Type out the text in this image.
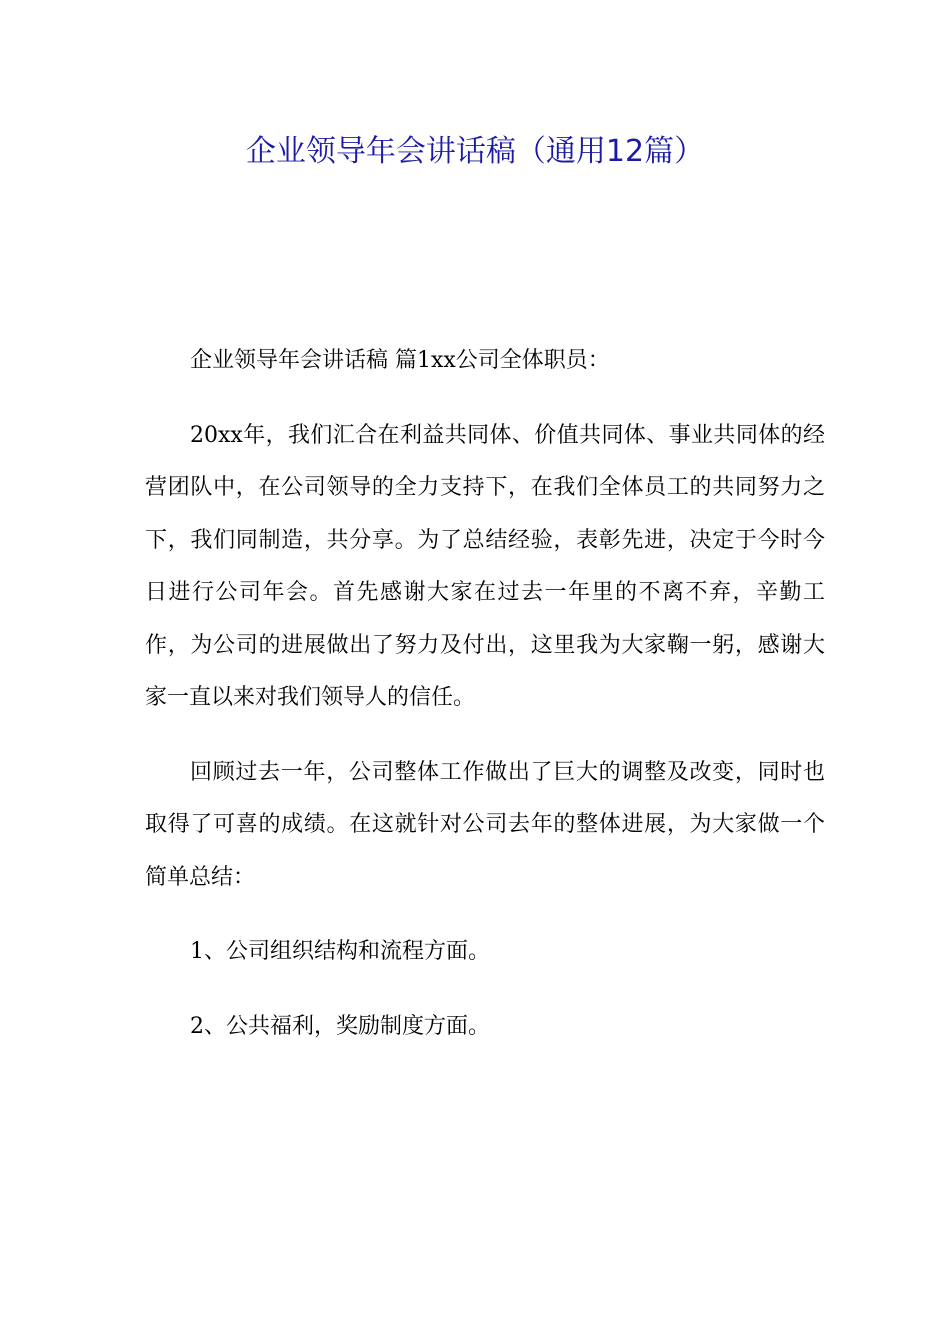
企业领导年会讲话稿（通用12篇）

企业领导年会讲话稿 篇1xx公司全体职员：

20xx年，我们汇合在利益共同体、价值共同体、事业共同体的经营团队中，在公司领导的全力支持下，在我们全体员工的共同努力之下，我们同制造，共分享。为了总结经验，表彰先进，决定于今时今日进行公司年会。首先感谢大家在过去一年里的不离不弃，辛勤工作，为公司的进展做出了努力及付出，这里我为大家鞠一躬，感谢大家一直以来对我们领导人的信任。

回顾过去一年，公司整体工作做出了巨大的调整及改变，同时也取得了可喜的成绩。在这就针对公司去年的整体进展，为大家做一个简单总结：

1、公司组织结构和流程方面。

2、公共福利，奖励制度方面。
